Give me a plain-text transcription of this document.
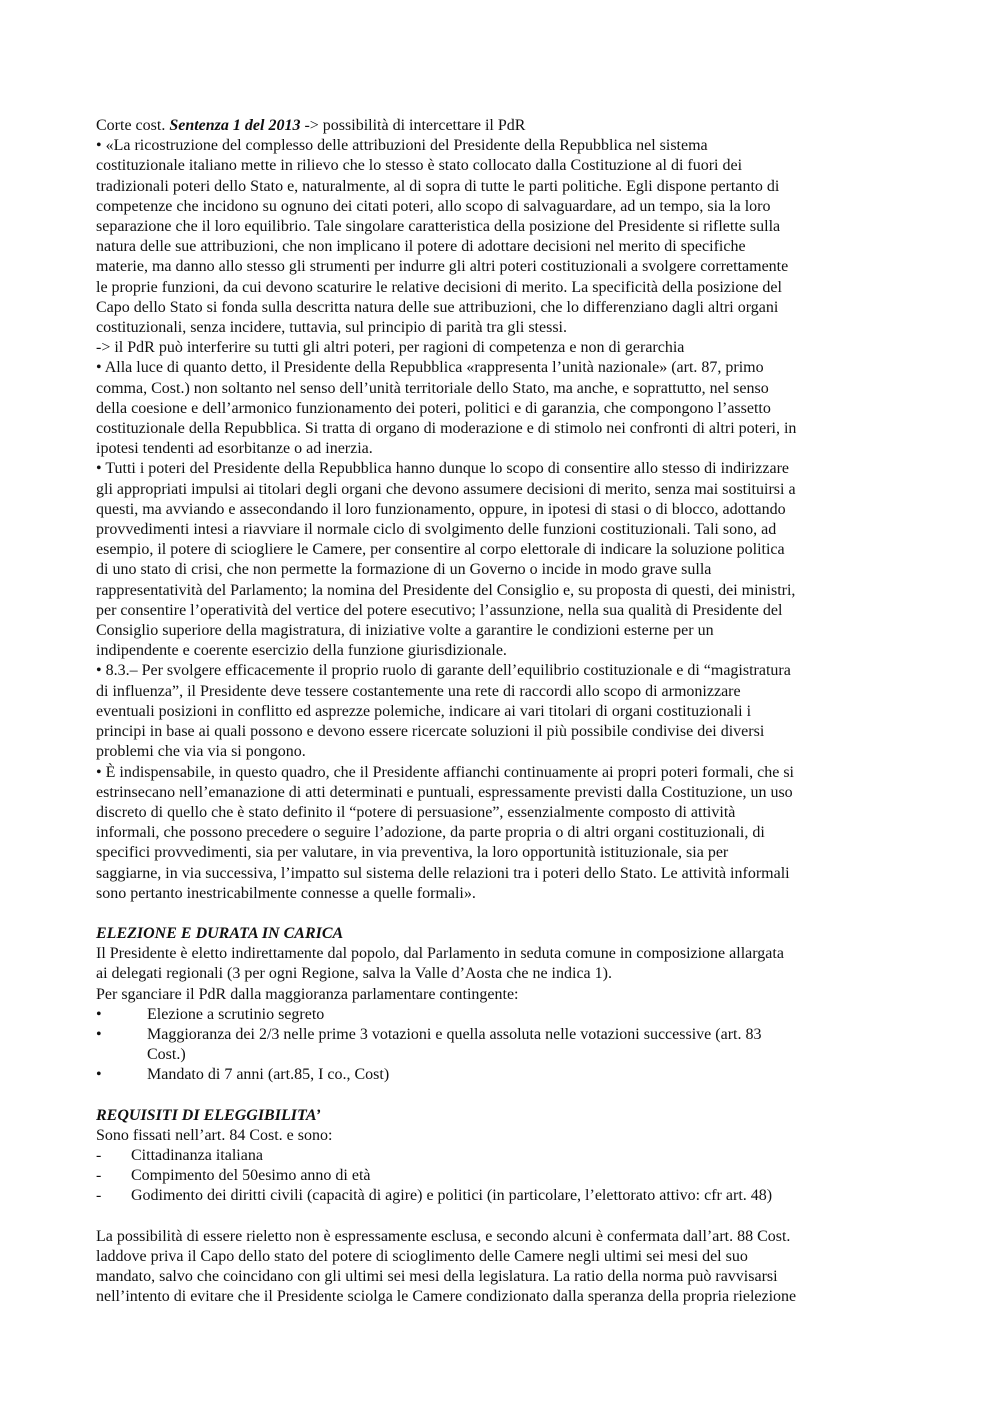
Corte cost. Sentenza 1 del 2013 -> possibilità di intercettare il PdR
• «La ricostruzione del complesso delle attribuzioni del Presidente della Repubblica nel sistema
costituzionale italiano mette in rilievo che lo stesso è stato collocato dalla Costituzione al di fuori dei
tradizionali poteri dello Stato e, naturalmente, al di sopra di tutte le parti politiche. Egli dispone pertanto di
competenze che incidono su ognuno dei citati poteri, allo scopo di salvaguardare, ad un tempo, sia la loro
separazione che il loro equilibrio. Tale singolare caratteristica della posizione del Presidente si riflette sulla
natura delle sue attribuzioni, che non implicano il potere di adottare decisioni nel merito di specifiche
materie, ma danno allo stesso gli strumenti per indurre gli altri poteri costituzionali a svolgere correttamente
le proprie funzioni, da cui devono scaturire le relative decisioni di merito. La specificità della posizione del
Capo dello Stato si fonda sulla descritta natura delle sue attribuzioni, che lo differenziano dagli altri organi
costituzionali, senza incidere, tuttavia, sul principio di parità tra gli stessi.
-> il PdR può interferire su tutti gli altri poteri, per ragioni di competenza e non di gerarchia
• Alla luce di quanto detto, il Presidente della Repubblica «rappresenta l’unità nazionale» (art. 87, primo
comma, Cost.) non soltanto nel senso dell’unità territoriale dello Stato, ma anche, e soprattutto, nel senso
della coesione e dell’armonico funzionamento dei poteri, politici e di garanzia, che compongono l’assetto
costituzionale della Repubblica. Si tratta di organo di moderazione e di stimolo nei confronti di altri poteri, in
ipotesi tendenti ad esorbitanze o ad inerzia.
• Tutti i poteri del Presidente della Repubblica hanno dunque lo scopo di consentire allo stesso di indirizzare
gli appropriati impulsi ai titolari degli organi che devono assumere decisioni di merito, senza mai sostituirsi a
questi, ma avviando e assecondando il loro funzionamento, oppure, in ipotesi di stasi o di blocco, adottando
provvedimenti intesi a riavviare il normale ciclo di svolgimento delle funzioni costituzionali. Tali sono, ad
esempio, il potere di sciogliere le Camere, per consentire al corpo elettorale di indicare la soluzione politica
di uno stato di crisi, che non permette la formazione di un Governo o incide in modo grave sulla
rappresentatività del Parlamento; la nomina del Presidente del Consiglio e, su proposta di questi, dei ministri,
per consentire l’operatività del vertice del potere esecutivo; l’assunzione, nella sua qualità di Presidente del
Consiglio superiore della magistratura, di iniziative volte a garantire le condizioni esterne per un
indipendente e coerente esercizio della funzione giurisdizionale.
• 8.3.– Per svolgere efficacemente il proprio ruolo di garante dell’equilibrio costituzionale e di “magistratura
di influenza”, il Presidente deve tessere costantemente una rete di raccordi allo scopo di armonizzare
eventuali posizioni in conflitto ed asprezze polemiche, indicare ai vari titolari di organi costituzionali i
principi in base ai quali possono e devono essere ricercate soluzioni il più possibile condivise dei diversi
problemi che via via si pongono.
• È indispensabile, in questo quadro, che il Presidente affianchi continuamente ai propri poteri formali, che si
estrinsecano nell’emanazione di atti determinati e puntuali, espressamente previsti dalla Costituzione, un uso
discreto di quello che è stato definito il “potere di persuasione”, essenzialmente composto di attività
informali, che possono precedere o seguire l’adozione, da parte propria o di altri organi costituzionali, di
specifici provvedimenti, sia per valutare, in via preventiva, la loro opportunità istituzionale, sia per
saggiarne, in via successiva, l’impatto sul sistema delle relazioni tra i poteri dello Stato. Le attività informali
sono pertanto inestricabilmente connesse a quelle formali».
ELEZIONE E DURATA IN CARICA
Il Presidente è eletto indirettamente dal popolo, dal Parlamento in seduta comune in composizione allargata
ai delegati regionali (3 per ogni Regione, salva la Valle d’Aosta che ne indica 1).
Per sganciare il PdR dalla maggioranza parlamentare contingente:
•	Elezione a scrutinio segreto
•	Maggioranza dei 2/3 nelle prime 3 votazioni e quella assoluta nelle votazioni successive (art. 83
Cost.)
•	Mandato di 7 anni (art.85, I co., Cost)
REQUISITI DI ELEGGIBILITA’
Sono fissati nell’art. 84 Cost. e sono:
-	Cittadinanza italiana
-	Compimento del 50esimo anno di età
-	Godimento dei diritti civili (capacità di agire) e politici (in particolare, l’elettorato attivo: cfr art. 48)
La possibilità di essere rieletto non è espressamente esclusa, e secondo alcuni è confermata dall’art. 88 Cost.
laddove priva il Capo dello stato del potere di scioglimento delle Camere negli ultimi sei mesi del suo
mandato, salvo che coincidano con gli ultimi sei mesi della legislatura. La ratio della norma può ravvisarsi
nell’intento di evitare che il Presidente sciolga le Camere condizionato dalla speranza della propria rielezione
